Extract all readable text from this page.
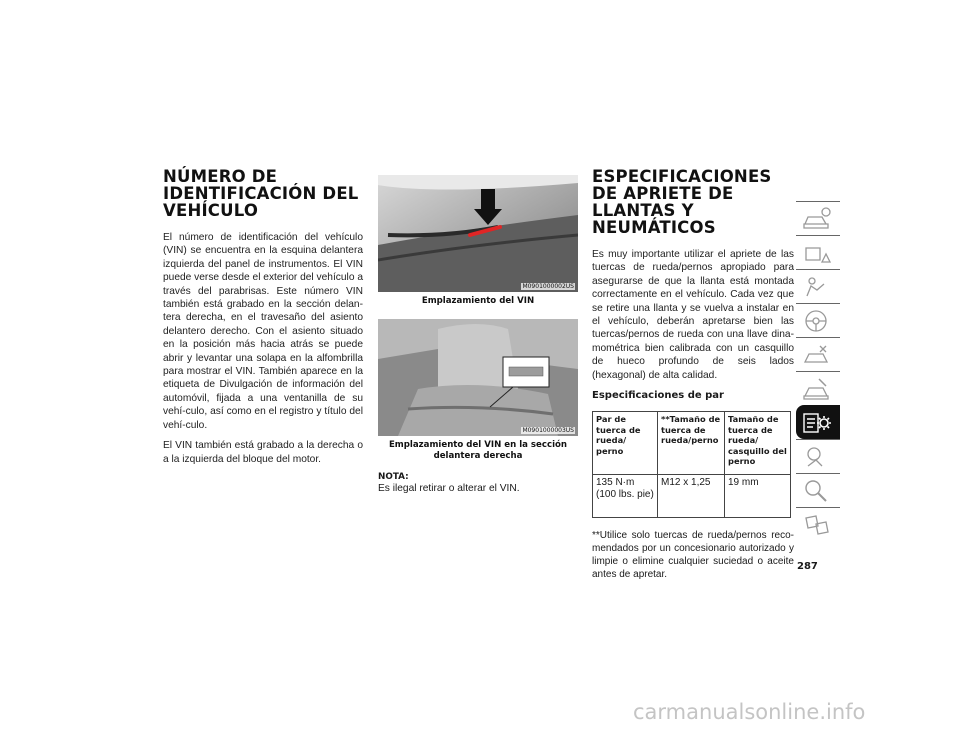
NÚMERO DE IDENTIFICACIÓN DEL VEHÍCULO

El número de identificación del vehículo (VIN) se encuentra en la esquina delantera izquierda del panel de instrumentos. El VIN puede verse desde el exterior del vehículo a través del parabrisas. Este número VIN también está grabado en la sección delan-tera derecha, en el travesaño del asiento delantero derecho. Con el asiento situado en la posición más hacia atrás se puede abrir y levantar una solapa en la alfombrilla para mostrar el VIN. También aparece en la etiqueta de Divulgación de información del automóvil, fijada a una ventanilla de su vehí-culo, así como en el registro y título del vehí-culo.

El VIN también está grabado a la derecha o a la izquierda del bloque del motor.

M0901000002US
Emplazamiento del VIN
M0901000003US
Emplazamiento del VIN en la sección delantera derecha
NOTA:
Es ilegal retirar o alterar el VIN.
ESPECIFICACIONES DE APRIETE DE LLANTAS Y NEUMÁTICOS

Es muy importante utilizar el apriete de las tuercas de rueda/pernos apropiado para asegurarse de que la llanta está montada correctamente en el vehículo. Cada vez que se retire una llanta y se vuelva a instalar en el vehículo, deberán apretarse bien las tuercas/pernos de rueda con una llave dina-mométrica bien calibrada con un casquillo de hueco profundo de seis lados (hexagonal) de alta calidad.

Especificaciones de par
Par de tuerca de rueda/ perno	**Tamaño de tuerca de rueda/perno	Tamaño de tuerca de rueda/ casquillo del perno
135 N·m (100 lbs. pie)	M12 x 1,25	19 mm
**Utilice solo tuercas de rueda/pernos reco-mendados por un concesionario autorizado y limpie o elimine cualquier suciedad o aceite antes de apretar.
287
carmanualsonline.info
